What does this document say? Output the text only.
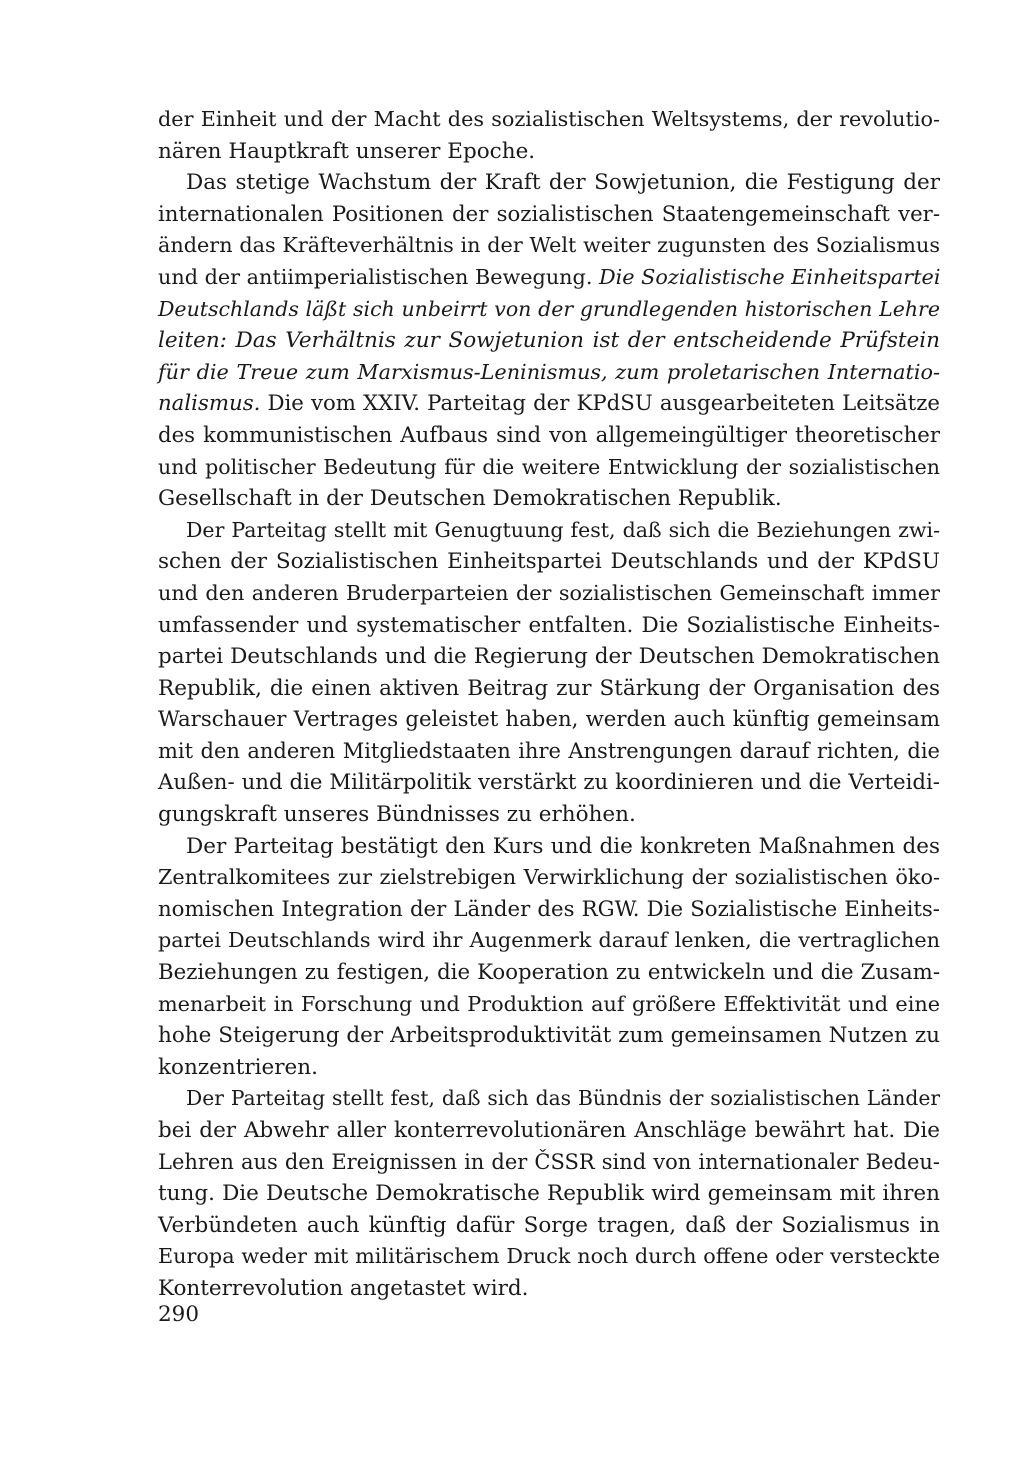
der Einheit und der Macht des sozialistischen Weltsystems, der revolutio-
nären Hauptkraft unserer Epoche.
Das stetige Wachstum der Kraft der Sowjetunion, die Festigung der
internationalen Positionen der sozialistischen Staatengemeinschaft ver-
ändern das Kräfteverhältnis in der Welt weiter zugunsten des Sozialismus
und der antiimperialistischen Bewegung. Die Sozialistische Einheitspartei
Deutschlands läßt sich unbeirrt von der grundlegenden historischen Lehre
leiten: Das Verhältnis zur Sowjetunion ist der entscheidende Prüfstein
für die Treue zum Marxismus-Leninismus, zum proletarischen Internatio-
nalismus. Die vom XXIV. Parteitag der KPdSU ausgearbeiteten Leitsätze
des kommunistischen Aufbaus sind von allgemeingültiger theoretischer
und politischer Bedeutung für die weitere Entwicklung der sozialistischen
Gesellschaft in der Deutschen Demokratischen Republik.
Der Parteitag stellt mit Genugtuung fest, daß sich die Beziehungen zwi-
schen der Sozialistischen Einheitspartei Deutschlands und der KPdSU
und den anderen Bruderparteien der sozialistischen Gemeinschaft immer
umfassender und systematischer entfalten. Die Sozialistische Einheits-
partei Deutschlands und die Regierung der Deutschen Demokratischen
Republik, die einen aktiven Beitrag zur Stärkung der Organisation des
Warschauer Vertrages geleistet haben, werden auch künftig gemeinsam
mit den anderen Mitgliedstaaten ihre Anstrengungen darauf richten, die
Außen- und die Militärpolitik verstärkt zu koordinieren und die Verteidi-
gungskraft unseres Bündnisses zu erhöhen.
Der Parteitag bestätigt den Kurs und die konkreten Maßnahmen des
Zentralkomitees zur zielstrebigen Verwirklichung der sozialistischen öko-
nomischen Integration der Länder des RGW. Die Sozialistische Einheits-
partei Deutschlands wird ihr Augenmerk darauf lenken, die vertraglichen
Beziehungen zu festigen, die Kooperation zu entwickeln und die Zusam-
menarbeit in Forschung und Produktion auf größere Effektivität und eine
hohe Steigerung der Arbeitsproduktivität zum gemeinsamen Nutzen zu
konzentrieren.
Der Parteitag stellt fest, daß sich das Bündnis der sozialistischen Länder
bei der Abwehr aller konterrevolutionären Anschläge bewährt hat. Die
Lehren aus den Ereignissen in der ČSSR sind von internationaler Bedeu-
tung. Die Deutsche Demokratische Republik wird gemeinsam mit ihren
Verbündeten auch künftig dafür Sorge tragen, daß der Sozialismus in
Europa weder mit militärischem Druck noch durch offene oder versteckte
Konterrevolution angetastet wird.
290
